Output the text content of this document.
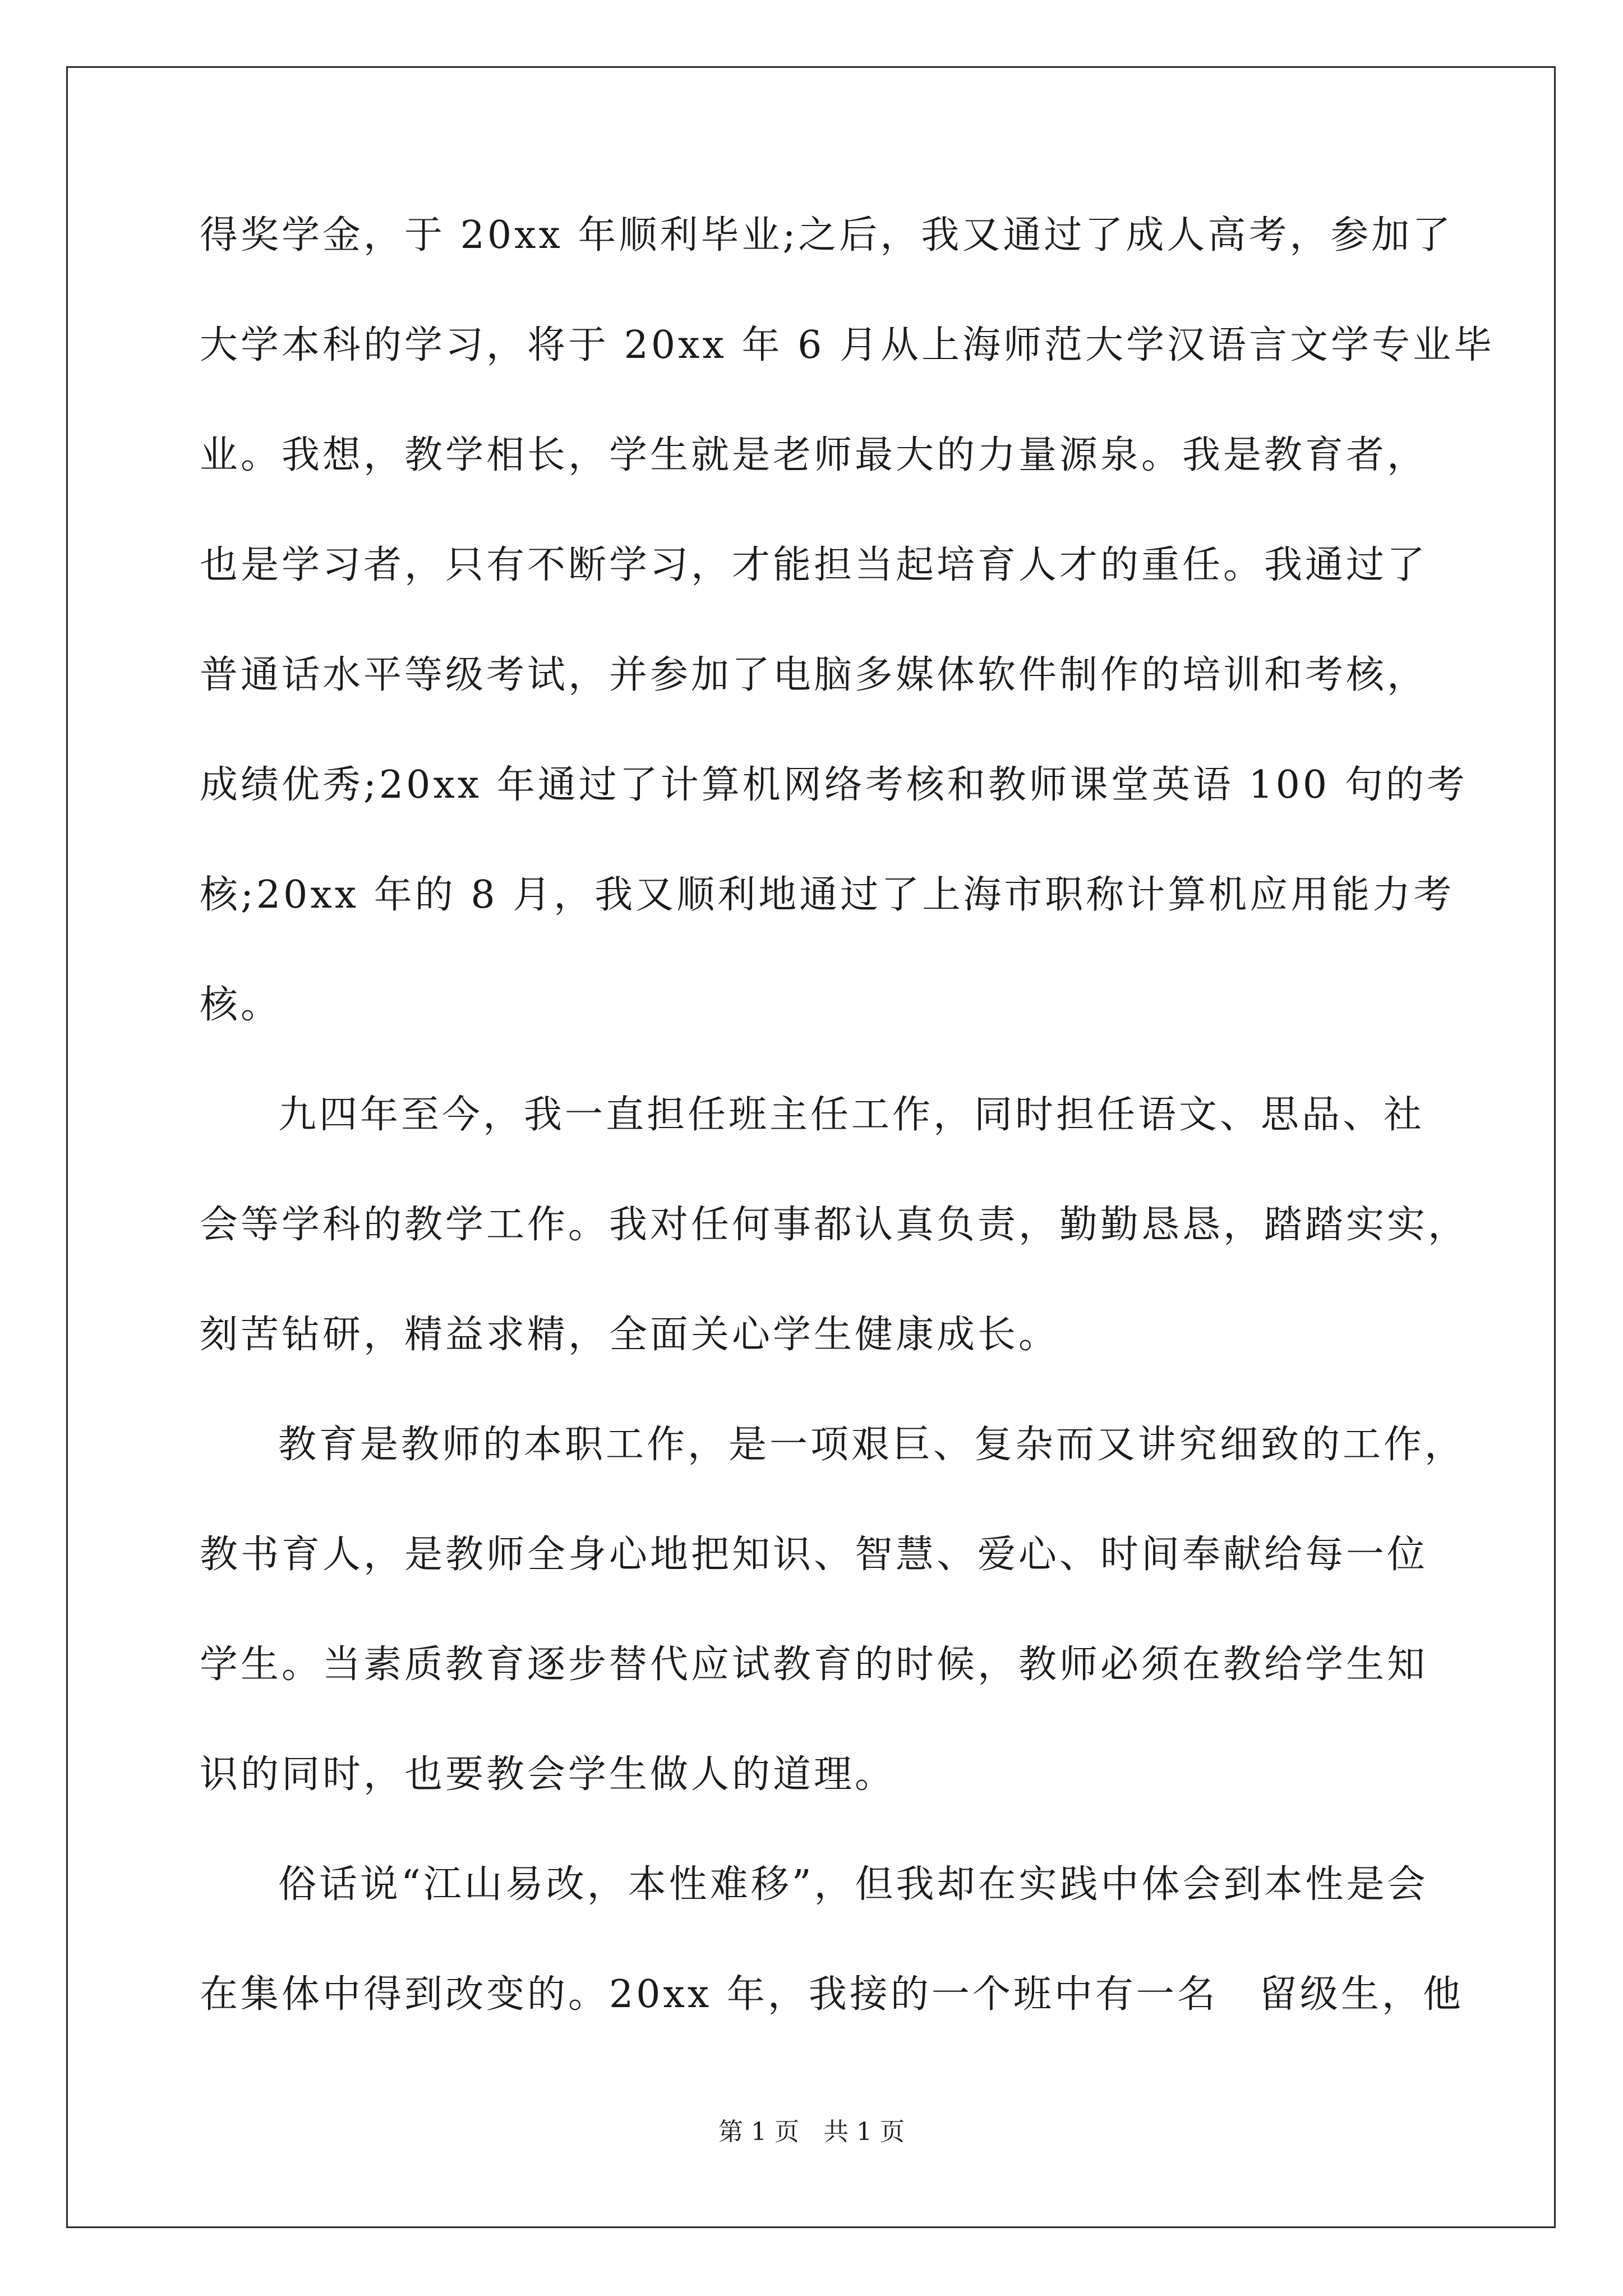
得奖学金，于 20xx 年顺利毕业;之后，我又通过了成人高考，参加了
大学本科的学习，将于 20xx 年 6 月从上海师范大学汉语言文学专业毕
业。我想，教学相长，学生就是老师最大的力量源泉。我是教育者，
也是学习者，只有不断学习，才能担当起培育人才的重任。我通过了
普通话水平等级考试，并参加了电脑多媒体软件制作的培训和考核，
成绩优秀;20xx 年通过了计算机网络考核和教师课堂英语 100 句的考
核;20xx 年的 8 月，我又顺利地通过了上海市职称计算机应用能力考
核。
九四年至今，我一直担任班主任工作，同时担任语文、思品、社
会等学科的教学工作。我对任何事都认真负责，勤勤恳恳，踏踏实实，
刻苦钻研，精益求精，全面关心学生健康成长。
教育是教师的本职工作，是一项艰巨、复杂而又讲究细致的工作，
教书育人，是教师全身心地把知识、智慧、爱心、时间奉献给每一位
学生。当素质教育逐步替代应试教育的时候，教师必须在教给学生知
识的同时，也要教会学生做人的道理。
俗话说“江山易改，本性难移”，但我却在实践中体会到本性是会
在集体中得到改变的。20xx 年，我接的一个班中有一名　留级生，他
第 1 页　共 1 页
